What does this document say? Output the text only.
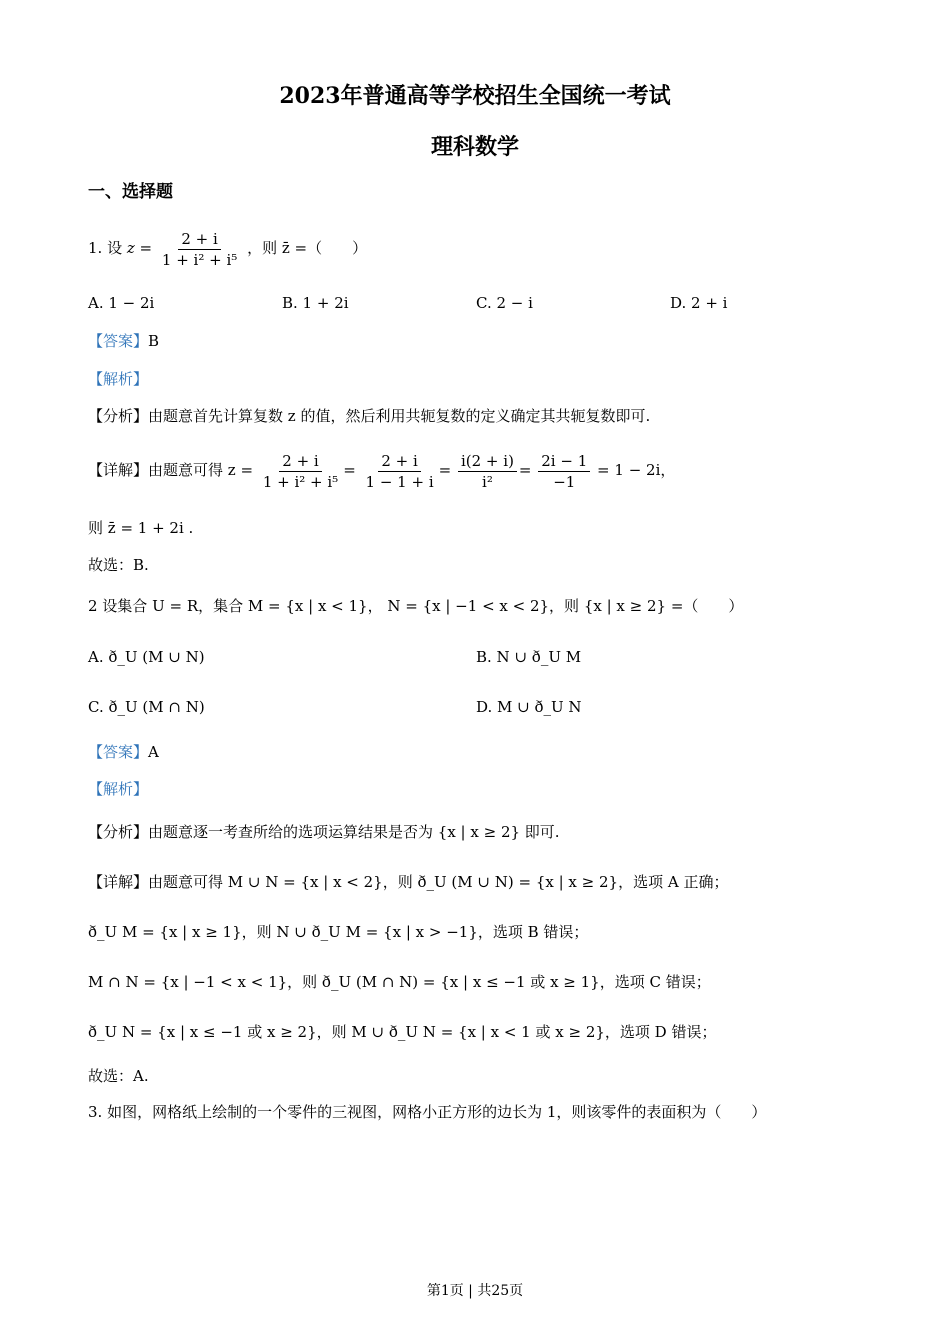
2023年普通高等学校招生全国统一考试
理科数学
一、选择题
1. 设 $z = \frac{2 + i}{\text{1 + i² + i⁵}}$ ，则 z̄ =（　　）
A. 1 − 2i	B. 1 + 2i	C. 2 − i	D. 2 + i
【答案】B
【解析】
【分析】由题意首先计算复数 z 的值，然后利用共轭复数的定义确定其共轭复数即可.
【详解】由题意可得 $z = \frac{2 + i}{\text{1 + i² + i⁵}} = \frac{2 + i}{1 - 1 + i} = \frac{i(2 + i)}{\text{i²}} = \frac{2i - 1}{-1} = 1 - 2i$，
则 z̄ = 1 + 2i .
故选：B.
2 设集合 U = R，集合 M = {x | x < 1}， N = {x | −1 < x < 2}，则 {x | x ≥ 2} =（　　）
A. ð_U (M ∪ N)	B. N ∪ ð_U M
C. ð_U (M ∩ N)	D. M ∪ ð_U N
【答案】A
【解析】
【分析】由题意逐一考查所给的选项运算结果是否为 {x | x ≥ 2} 即可.
【详解】由题意可得 M ∪ N = {x | x < 2}，则 ð_U (M ∪ N) = {x | x ≥ 2}，选项 A 正确；
ð_U M = {x | x ≥ 1}，则 N ∪ ð_U M = {x | x > −1}，选项 B 错误；
M ∩ N = {x | −1 < x < 1}，则 ð_U (M ∩ N) = {x | x ≤ −1 或 x ≥ 1}，选项 C 错误；
ð_U N = {x | x ≤ −1 或 x ≥ 2}，则 M ∪ ð_U N = {x | x < 1 或 x ≥ 2}，选项 D 错误；
故选：A.
3. 如图，网格纸上绘制的一个零件的三视图，网格小正方形的边长为 1，则该零件的表面积为（　　）
第1页 | 共25页
